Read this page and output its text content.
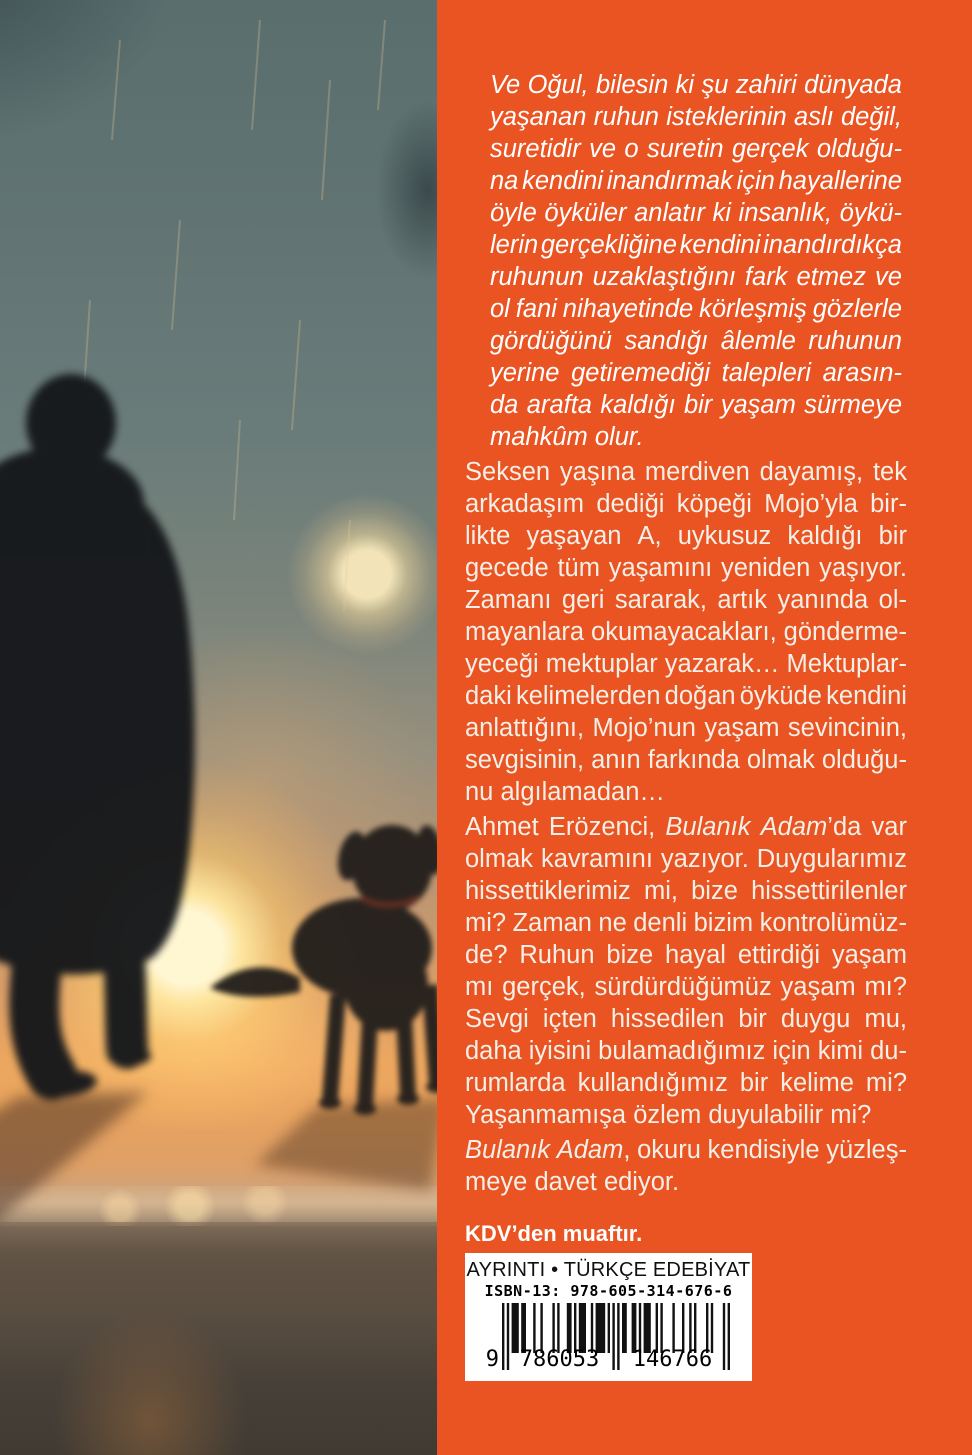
Ve Oğul, bilesin ki şu zahiri dünyada
yaşanan ruhun isteklerinin aslı değil,
suretidir ve o suretin gerçek olduğu-
na kendini inandırmak için hayallerine
öyle öyküler anlatır ki insanlık, öykü-
lerin gerçekliğine kendini inandırdıkça
ruhunun uzaklaştığını fark etmez ve
ol fani nihayetinde körleşmiş gözlerle
gördüğünü sandığı âlemle ruhunun
yerine getiremediği talepleri arasın-
da arafta kaldığı bir yaşam sürmeye
mahkûm olur.
Seksen yaşına merdiven dayamış, tek
arkadaşım dediği köpeği Mojo’yla bir-
likte yaşayan A, uykusuz kaldığı bir
gecede tüm yaşamını yeniden yaşıyor.
Zamanı geri sararak, artık yanında ol-
mayanlara okumayacakları, gönderme-
yeceği mektuplar yazarak… Mektuplar-
daki kelimelerden doğan öyküde kendini
anlattığını, Mojo’nun yaşam sevincinin,
sevgisinin, anın farkında olmak olduğu-
nu algılamadan…
Ahmet Erözenci, Bulanık Adam’da var
olmak kavramını yazıyor. Duygularımız
hissettiklerimiz mi, bize hissettirilenler
mi? Zaman ne denli bizim kontrolümüz-
de? Ruhun bize hayal ettirdiği yaşam
mı gerçek, sürdürdüğümüz yaşam mı?
Sevgi içten hissedilen bir duygu mu,
daha iyisini bulamadığımız için kimi du-
rumlarda kullandığımız bir kelime mi?
Yaşanmamışa özlem duyulabilir mi?
Bulanık Adam, okuru kendisiyle yüzleş-
meye davet ediyor.
KDV’den muaftır.
AYRINTI • TÜRKÇE EDEBİYAT
ISBN-13: 978-605-314-676-6
9 786053	146766
